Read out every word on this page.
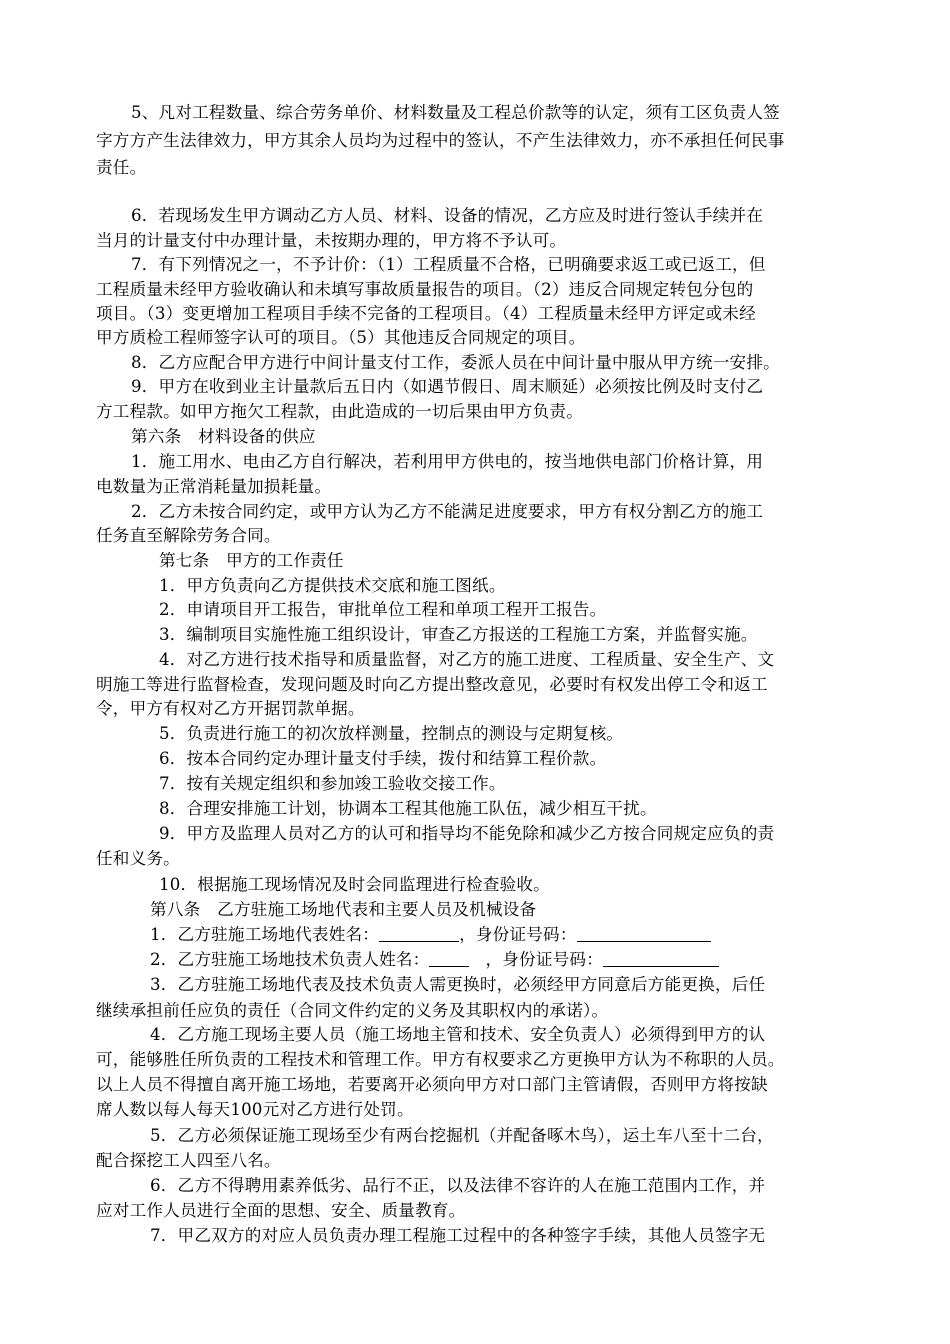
5、凡对工程数量、综合劳务单价、材料数量及工程总价款等的认定，须有工区负责人签
字方方产生法律效力，甲方其余人员均为过程中的签认，不产生法律效力，亦不承担任何民事
责任。
6．若现场发生甲方调动乙方人员、材料、设备的情况，乙方应及时进行签认手续并在
当月的计量支付中办理计量，未按期办理的，甲方将不予认可。
7．有下列情况之一，不予计价：（1）工程质量不合格，已明确要求返工或已返工，但
工程质量未经甲方验收确认和未填写事故质量报告的项目。（2）违反合同规定转包分包的
项目。（3）变更增加工程项目手续不完备的工程项目。（4）工程质量未经甲方评定或未经
甲方质检工程师签字认可的项目。（5）其他违反合同规定的项目。
8．乙方应配合甲方进行中间计量支付工作，委派人员在中间计量中服从甲方统一安排。
9．甲方在收到业主计量款后五日内（如遇节假日、周末顺延）必须按比例及时支付乙
方工程款。如甲方拖欠工程款，由此造成的一切后果由甲方负责。
第六条　材料设备的供应
1．施工用水、电由乙方自行解决，若利用甲方供电的，按当地供电部门价格计算，用
电数量为正常消耗量加损耗量。
2．乙方未按合同约定，或甲方认为乙方不能满足进度要求，甲方有权分割乙方的施工
任务直至解除劳务合同。
第七条　甲方的工作责任
1．甲方负责向乙方提供技术交底和施工图纸。
2．申请项目开工报告，审批单位工程和单项工程开工报告。
3．编制项目实施性施工组织设计，审查乙方报送的工程施工方案，并监督实施。
4．对乙方进行技术指导和质量监督，对乙方的施工进度、工程质量、安全生产、文
明施工等进行监督检查，发现问题及时向乙方提出整改意见，必要时有权发出停工令和返工
令，甲方有权对乙方开据罚款单据。
5．负责进行施工的初次放样测量，控制点的测设与定期复核。
6．按本合同约定办理计量支付手续，拨付和结算工程价款。
7．按有关规定组织和参加竣工验收交接工作。
8．合理安排施工计划，协调本工程其他施工队伍，减少相互干扰。
9．甲方及监理人员对乙方的认可和指导均不能免除和减少乙方按合同规定应负的责
任和义务。
10．根据施工现场情况及时会同监理进行检查验收。
第八条　乙方驻施工场地代表和主要人员及机械设备
1．乙方驻施工场地代表姓名：	，身份证号码：
2．乙方驻施工场地技术负责人姓名：	，身份证号码：
3．乙方驻施工场地代表及技术负责人需更换时，必须经甲方同意后方能更换，后任
继续承担前任应负的责任（合同文件约定的义务及其职权内的承诺）。
4．乙方施工现场主要人员（施工场地主管和技术、安全负责人）必须得到甲方的认
可，能够胜任所负责的工程技术和管理工作。甲方有权要求乙方更换甲方认为不称职的人员。
以上人员不得擅自离开施工场地，若要离开必须向甲方对口部门主管请假，否则甲方将按缺
席人数以每人每天100元对乙方进行处罚。
5．乙方必须保证施工现场至少有两台挖掘机（并配备啄木鸟），运土车八至十二台，
配合探挖工人四至八名。
6．乙方不得聘用素养低劣、品行不正，以及法律不容许的人在施工范围内工作，并
应对工作人员进行全面的思想、安全、质量教育。
7．甲乙双方的对应人员负责办理工程施工过程中的各种签字手续，其他人员签字无
